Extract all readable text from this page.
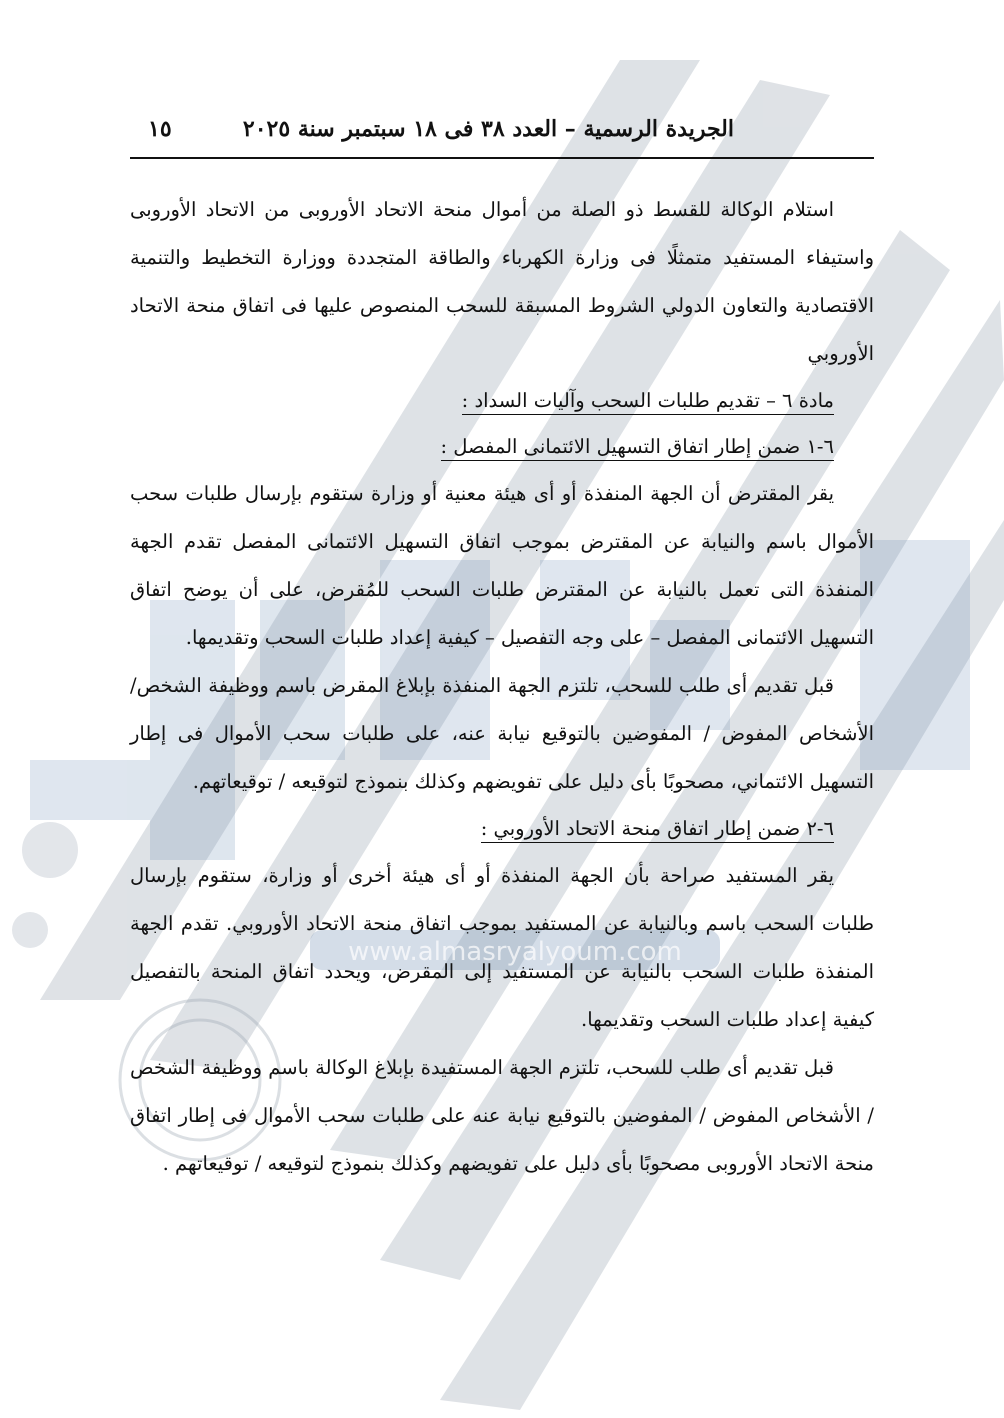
www.almasryalyoum.com
الجريدة الرسمية – العدد ٣٨ فى ١٨ سبتمبر سنة ٢٠٢٥
١٥

استلام الوكالة للقسط ذو الصلة من أموال منحة الاتحاد الأوروبى من الاتحاد الأوروبى واستيفاء المستفيد متمثلًا فى وزارة الكهرباء والطاقة المتجددة ووزارة التخطيط والتنمية الاقتصادية والتعاون الدولي الشروط المسبقة للسحب المنصوص عليها فى اتفاق منحة الاتحاد الأوروبي

مادة ٦ – تقديم طلبات السحب وآليات السداد :

٦-١ ضمن إطار اتفاق التسهيل الائتمانى المفصل :

يقر المقترض أن الجهة المنفذة أو أى هيئة معنية أو وزارة ستقوم بإرسال طلبات سحب الأموال باسم والنيابة عن المقترض بموجب اتفاق التسهيل الائتمانى المفصل تقدم الجهة المنفذة التى تعمل بالنيابة عن المقترض طلبات السحب للمُقرض، على أن يوضح اتفاق التسهيل الائتمانى المفصل – على وجه التفصيل – كيفية إعداد طلبات السحب وتقديمها.

قبل تقديم أى طلب للسحب، تلتزم الجهة المنفذة بإبلاغ المقرض باسم ووظيفة الشخص/ الأشخاص المفوض / المفوضين بالتوقيع نيابة عنه، على طلبات سحب الأموال فى إطار التسهيل الائتماني، مصحوبًا بأى دليل على تفويضهم وكذلك بنموذج لتوقيعه / توقيعاتهم.

٦-٢ ضمن إطار اتفاق منحة الاتحاد الأوروبي :

يقر المستفيد صراحة بأن الجهة المنفذة أو أى هيئة أخرى أو وزارة، ستقوم بإرسال طلبات السحب باسم وبالنيابة عن المستفيد بموجب اتفاق منحة الاتحاد الأوروبي. تقدم الجهة المنفذة طلبات السحب بالنيابة عن المستفيد إلى المقرض، ويحدد اتفاق المنحة بالتفصيل كيفية إعداد طلبات السحب وتقديمها.

قبل تقديم أى طلب للسحب، تلتزم الجهة المستفيدة بإبلاغ الوكالة باسم ووظيفة الشخص / الأشخاص المفوض / المفوضين بالتوقيع نيابة عنه على طلبات سحب الأموال فى إطار اتفاق منحة الاتحاد الأوروبى مصحوبًا بأى دليل على تفويضهم وكذلك بنموذج لتوقيعه / توقيعاتهم .
